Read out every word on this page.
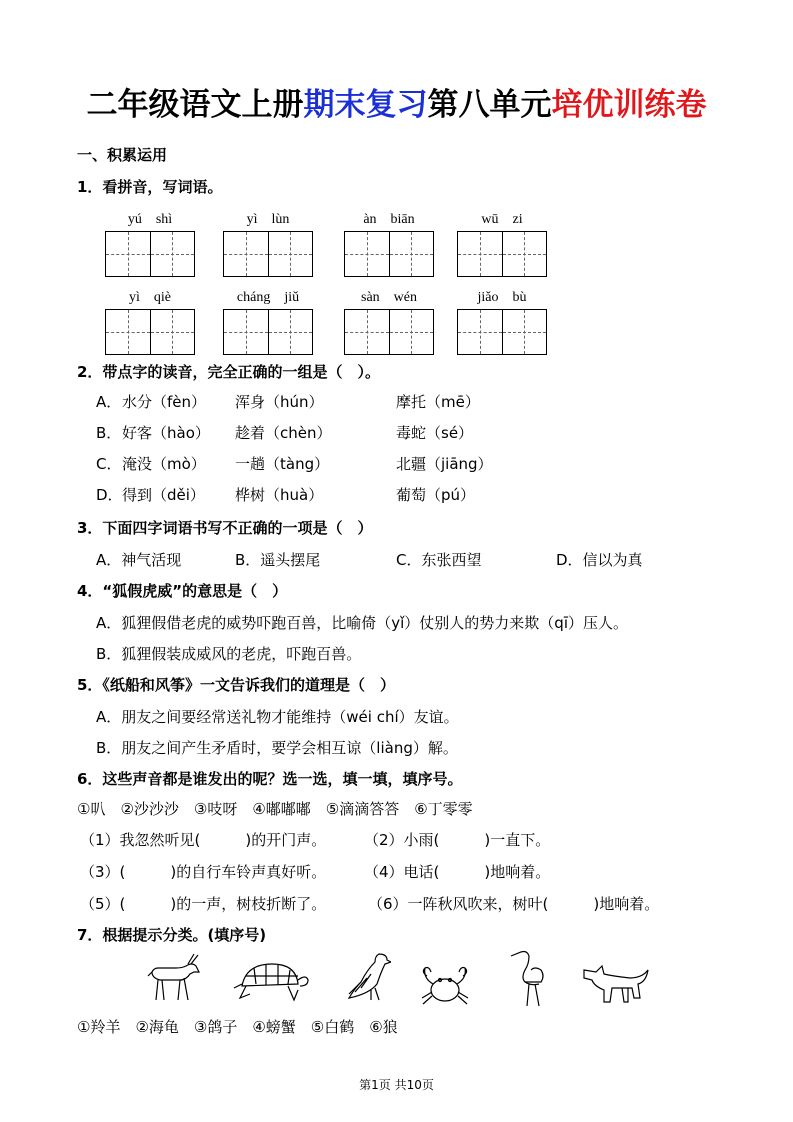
二年级语文上册期末复习第八单元培优训练卷
一、积累运用
1．看拼音，写词语。
yú　shì	yì　lùn	àn　biān	wū　zi
yì　qiè	cháng　jiǔ	sàn　wén	jiǎo　bù
2．带点字的读音，完全正确的一组是（　）。
A． 水分（fèn） 浑身（hún）	摩托（mē）
B． 好客（hào） 趁着（chèn）	毒蛇（sé）
C． 淹没（mò） 一趟（tàng）	北疆（jiāng）
D． 得到（děi） 桦树（huà）	葡萄（pú）
3．下面四字词语书写不正确的一项是（　）
A．神气活现	B．遥头摆尾	C．东张西望	D．信以为真
4．“狐假虎威”的意思是（　）
A．狐狸假借老虎的威势吓跑百兽，比喻倚（yǐ）仗别人的势力来欺（qī）压人。
B．狐狸假装成威风的老虎，吓跑百兽。
5．《纸船和风筝》一文告诉我们的道理是（　）
A．朋友之间要经常送礼物才能维持（wéi chí）友谊。
B．朋友之间产生矛盾时，要学会相互谅（liàng）解。
6．这些声音都是谁发出的呢？选一选，填一填，填序号。
①叭　②沙沙沙　③吱呀　④嘟嘟嘟　⑤滴滴答答　⑥丁零零
（1）我忽然听见(　　　)的开门声。	（2）小雨(　　　)一直下。
（3）(　　　)的自行车铃声真好听。	（4）电话(　　　)地响着。
（5）(　　　)的一声，树枝折断了。	（6）一阵秋风吹来，树叶(　　　)地响着。
7．根据提示分类。(填序号)
①羚羊　②海龟　③鸽子　④螃蟹　⑤白鹤　⑥狼
第1页 共10页
